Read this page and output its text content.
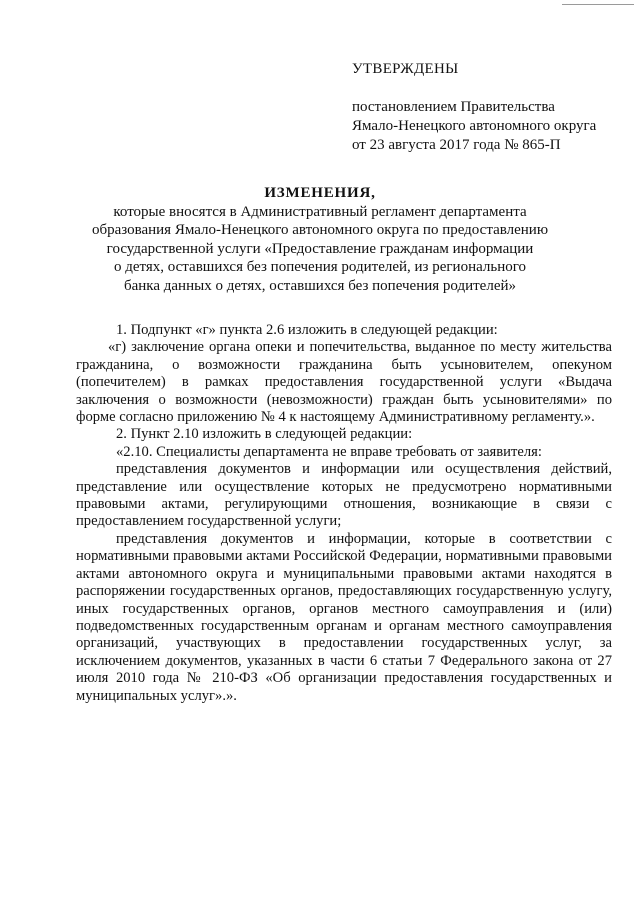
УТВЕРЖДЕНЫ
постановлением Правительства
Ямало-Ненецкого автономного округа
от 23 августа 2017 года № 865-П
ИЗМЕНЕНИЯ,
которые вносятся в Административный регламент департамента
образования Ямало-Ненецкого автономного округа по предоставлению
государственной услуги «Предоставление гражданам информации
о детях, оставшихся без попечения родителей, из регионального
банка данных о детях, оставшихся без попечения родителей»

1. Подпункт «г» пункта 2.6 изложить в следующей редакции:

«г) заключение органа опеки и попечительства, выданное по месту жительства гражданина, о возможности гражданина быть усыновителем, опекуном (попечителем) в рамках предоставления государственной услуги «Выдача заключения о возможности (невозможности) граждан быть усыновителями» по форме согласно приложению № 4 к настоящему Административному регламенту.».

2. Пункт 2.10 изложить в следующей редакции:

«2.10. Специалисты департамента не вправе требовать от заявителя:

представления документов и информации или осуществления действий, представление или осуществление которых не предусмотрено нормативными правовыми актами, регулирующими отношения, возникающие в связи с предоставлением государственной услуги;

представления документов и информации, которые в соответствии с нормативными правовыми актами Российской Федерации, нормативными правовыми актами автономного округа и муниципальными правовыми актами находятся в распоряжении государственных органов, предоставляющих государственную услугу, иных государственных органов, органов местного самоуправления и (или) подведомственных государственным органам и органам местного самоуправления организаций, участвующих в предоставлении государственных услуг, за исключением документов, указанных в части 6 статьи 7 Федерального закона от 27 июля 2010 года № 210-ФЗ «Об организации предоставления государственных и муниципальных услуг».».
